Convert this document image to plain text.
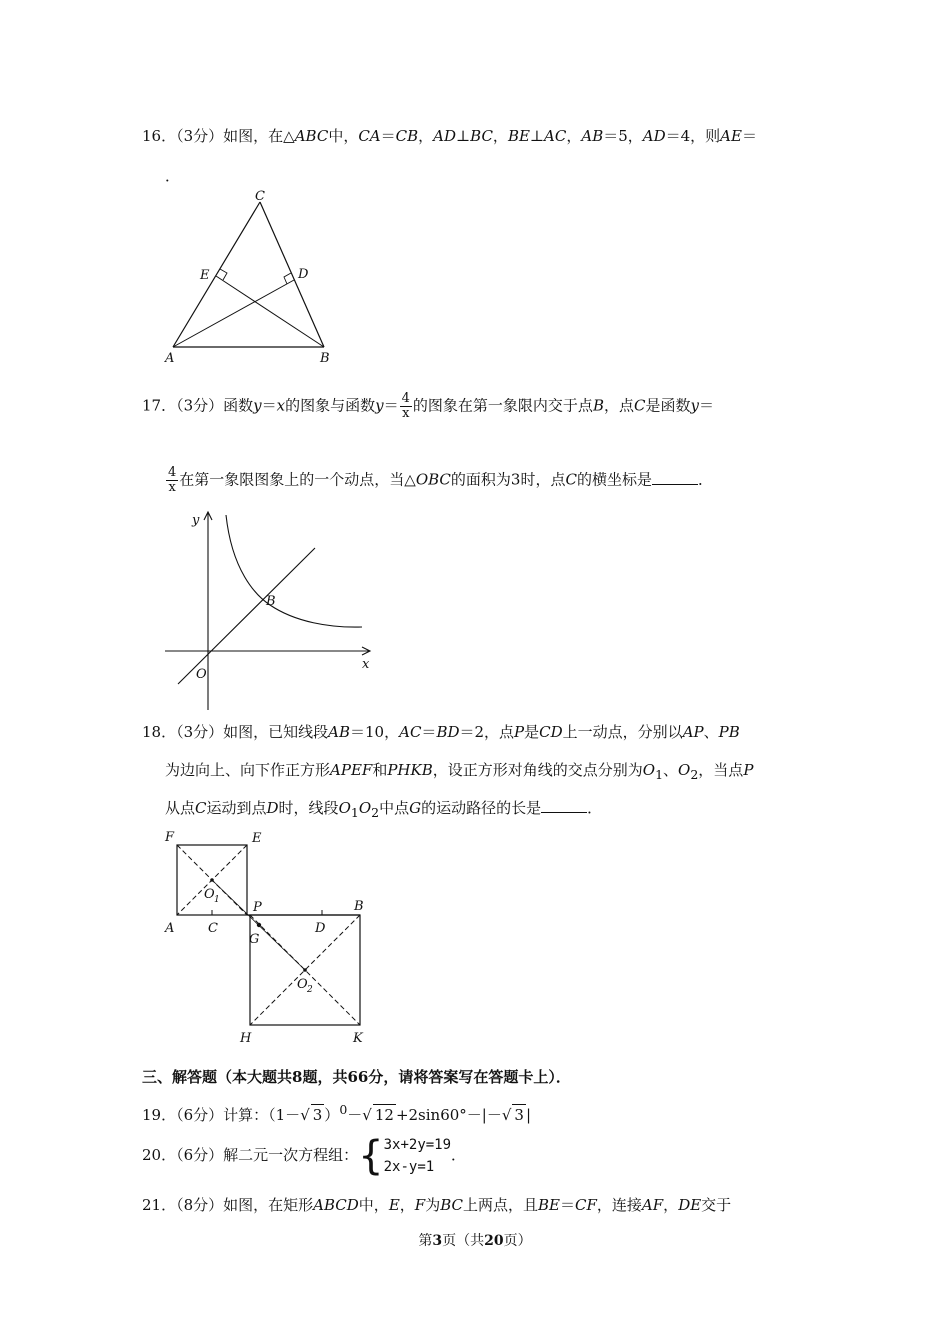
16．（3分）如图，在△ABC中，CA＝CB，AD⊥BC，BE⊥AC，AB＝5，AD＝4，则AE＝
．
C
E	D
A	B
17．（3分）函数y＝x的图象与函数$y= \frac{4}{x}$ 的图象在第一象限内交于点B，点C是函数y＝
$\frac{4}{x}$ 在第一象限图象上的一个动点，当△OBC的面积为3时，点C的横坐标是	．
y
B
O
x
18．（3分）如图，已知线段AB＝10，AC＝BD＝2，点P是CD上一动点，分别以AP、PB
为边向上、向下作正方形APEF和PHKB，设正方形对角线的交点分别为$O_1$、$O_2$，当点P
从点C运动到点D时，线段$O_1O_2$中点G的运动路径的长是	．
F	E
O 1	P	B
A	C
G
D
O 2
H	K
三、解答题（本大题共8题，共66分，请将答案写在答题卡上）．
19．（6分）计算：（1－√ 3 ）$^0$－√ 12 +2sin60°－|－√ 3 |
20．（6分）解二元一次方程组：{ 3x+2y=19
2x-y=1
．
21．（8分）如图，在矩形ABCD中，E，F为BC上两点，且BE＝CF，连接AF，DE交于
第3页（共20页）
